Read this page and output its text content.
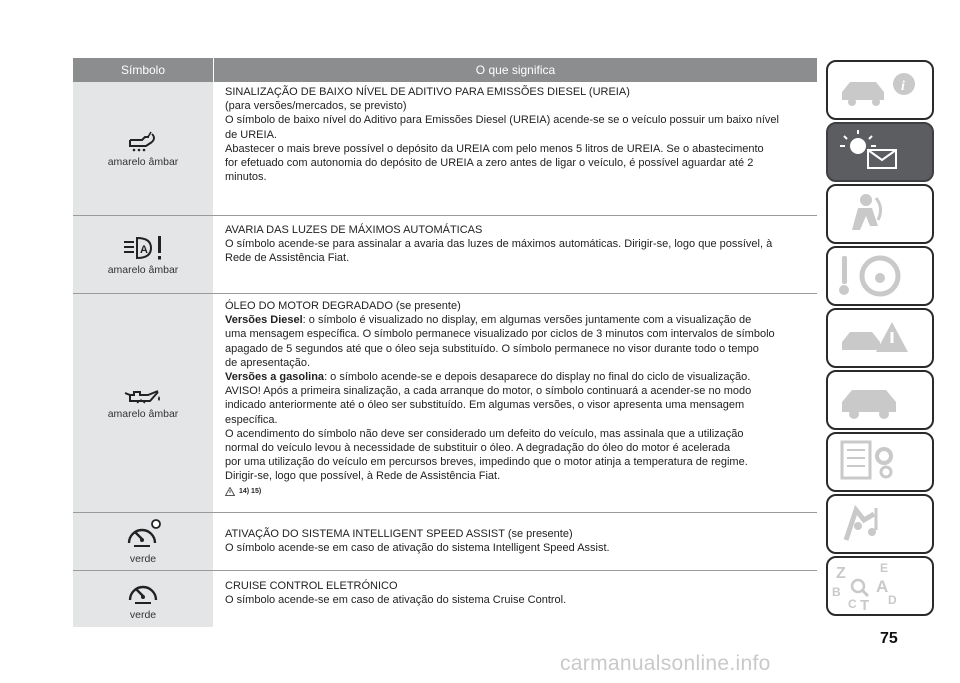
Símbolo	O que significa
amarelo âmbar

SINALIZAÇÃO DE BAIXO NÍVEL DE ADITIVO PARA EMISSÕES DIESEL (UREIA)

(para versões/mercados, se previsto)

O símbolo de baixo nível do Aditivo para Emissões Diesel (UREIA) acende-se se o veículo possuir um baixo nível

de UREIA.

Abastecer o mais breve possível o depósito da UREIA com pelo menos 5 litros de UREIA. Se o abastecimento

for efetuado com autonomia do depósito de UREIA a zero antes de ligar o veículo, é possível aguardar até 2

minutos.

A
amarelo âmbar

AVARIA DAS LUZES DE MÁXIMOS AUTOMÁTICAS

O símbolo acende-se para assinalar a avaria das luzes de máximos automáticas. Dirigir-se, logo que possível, à

Rede de Assistência Fiat.

amarelo âmbar

ÓLEO DO MOTOR DEGRADADO (se presente)

Versões Diesel: o símbolo é visualizado no display, em algumas versões juntamente com a visualização de

uma mensagem específica. O símbolo permanece visualizado por ciclos de 3 minutos com intervalos de símbolo

apagado de 5 segundos até que o óleo seja substituído. O símbolo permanece no visor durante todo o tempo

de apresentação.

Versões a gasolina: o símbolo acende-se e depois desaparece do display no final do ciclo de visualização.

AVISO! Após a primeira sinalização, a cada arranque do motor, o símbolo continuará a acender-se no modo

indicado anteriormente até o óleo ser substituído. Em algumas versões, o visor apresenta uma mensagem

específica.

O acendimento do símbolo não deve ser considerado um defeito do veículo, mas assinala que a utilização

normal do veículo levou à necessidade de substituir o óleo. A degradação do óleo do motor é acelerada

por uma utilização do veículo em percursos breves, impedindo que o motor atinja a temperatura de regime.

Dirigir-se, logo que possível, à Rede de Assistência Fiat.

14) 15)
verde

ATIVAÇÃO DO SISTEMA INTELLIGENT SPEED ASSIST (se presente)

O símbolo acende-se em caso de ativação do sistema Intelligent Speed Assist.

verde

CRUISE CONTROL ELETRÓNICO

O símbolo acende-se em caso de ativação do sistema Cruise Control.

i
Z	E
B A
C T D
75
carmanualsonline.info
